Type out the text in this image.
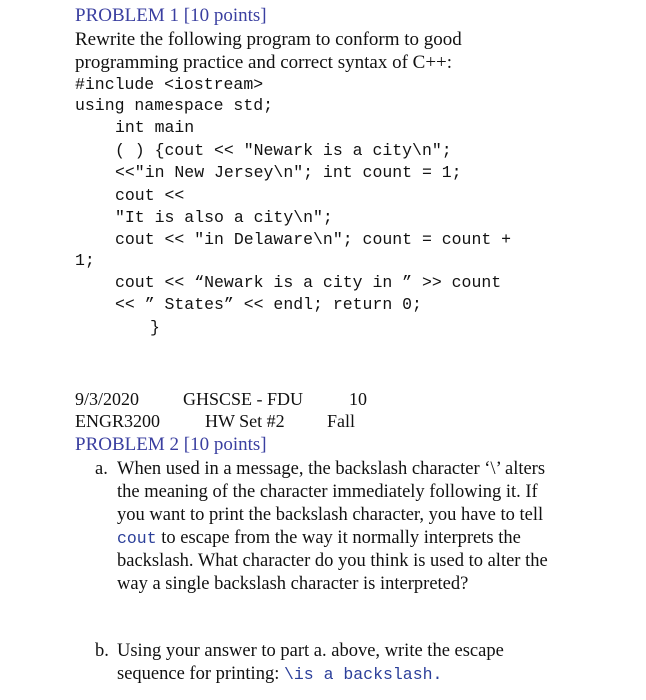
PROBLEM 1 [10 points]
Rewrite the following program to conform to good
programming practice and correct syntax of C++:
#include <iostream>
using namespace std;
int main
( ) {cout << "Newark is a city\n";
<<"in New Jersey\n"; int count = 1;
cout <<
"It is also a city\n";
cout << "in Delaware\n"; count = count +
1;
cout << “Newark is a city in ” >> count
<< ” States” << endl; return 0;
}
9/3/2020 GHSCSE - FDU	10
ENGR3200	HW Set #2 Fall
PROBLEM 2 [10 points]
a. When used in a message, the backslash character ‘\’ alters
the meaning of the character immediately following it. If
you want to print the backslash character, you have to tell
cout to escape from the way it normally interprets the
backslash. What character do you think is used to alter the
way a single backslash character is interpreted?
b. Using your answer to part a. above, write the escape
sequence for printing: \is a backslash.
